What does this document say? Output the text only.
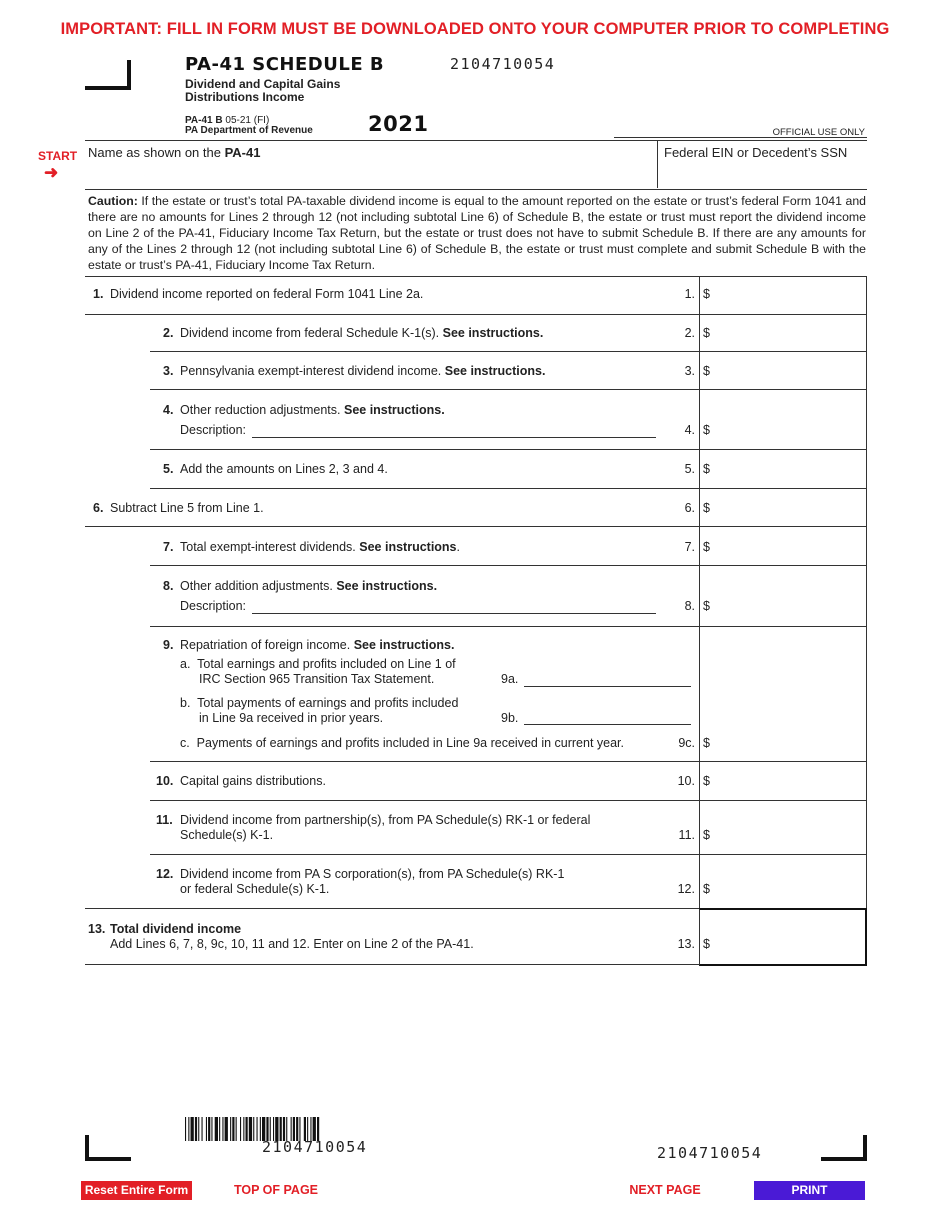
IMPORTANT: FILL IN FORM MUST BE DOWNLOADED ONTO YOUR COMPUTER PRIOR TO COMPLETING
PA-41 SCHEDULE B	2104710054
Dividend and Capital Gains
Distributions Income
PA-41 B 05-21 (FI)
PA Department of Revenue	2021	OFFICIAL USE ONLY
START
➜
Name as shown on the PA-41	Federal EIN or Decedent’s SSN
Caution: If the estate or trust’s total PA-taxable dividend income is equal to the amount reported on the estate or trust’s federal Form 1041 and there are no amounts for Lines 2 through 12 (not including subtotal Line 6) of Schedule B, the estate or trust must report the dividend income on Line 2 of the PA-41, Fiduciary Income Tax Return, but the estate or trust does not have to submit Schedule B. If there are any amounts for any of the Lines 2 through 12 (not including subtotal Line 6) of Schedule B, the estate or trust must complete and submit Schedule B with the estate or trust’s PA-41, Fiduciary Income Tax Return.
1. Dividend income reported on federal Form 1041 Line 2a.	1. $
2. Dividend income from federal Schedule K-1(s). See instructions.	2. $
3. Pennsylvania exempt-interest dividend income. See instructions.	3. $
4. Other reduction adjustments. See instructions.
Description:	4. $
5. Add the amounts on Lines 2, 3 and 4.	5. $
6. Subtract Line 5 from Line 1.	6. $
7. Total exempt-interest dividends. See instructions.	7. $
8. Other addition adjustments. See instructions.
Description:	8. $
9. Repatriation of foreign income. See instructions.
a.  Total earnings and profits included on Line 1 of
IRC Section 965 Transition Tax Statement.	9a.
b.  Total payments of earnings and profits included
in Line 9a received in prior years.	9b.
c.  Payments of earnings and profits included in Line 9a received in current year.	9c. $
10. Capital gains distributions.	10. $
11. Dividend income from partnership(s), from PA Schedule(s) RK-1 or federal
Schedule(s) K-1.	11. $
12. Dividend income from PA S corporation(s), from PA Schedule(s) RK-1
or federal Schedule(s) K-1.	12. $
13. Total dividend income
Add Lines 6, 7, 8, 9c, 10, 11 and 12. Enter on Line 2 of the PA-41.	13. $
2104710054	2104710054
Reset Entire Form	TOP OF PAGE	NEXT PAGE	PRINT
